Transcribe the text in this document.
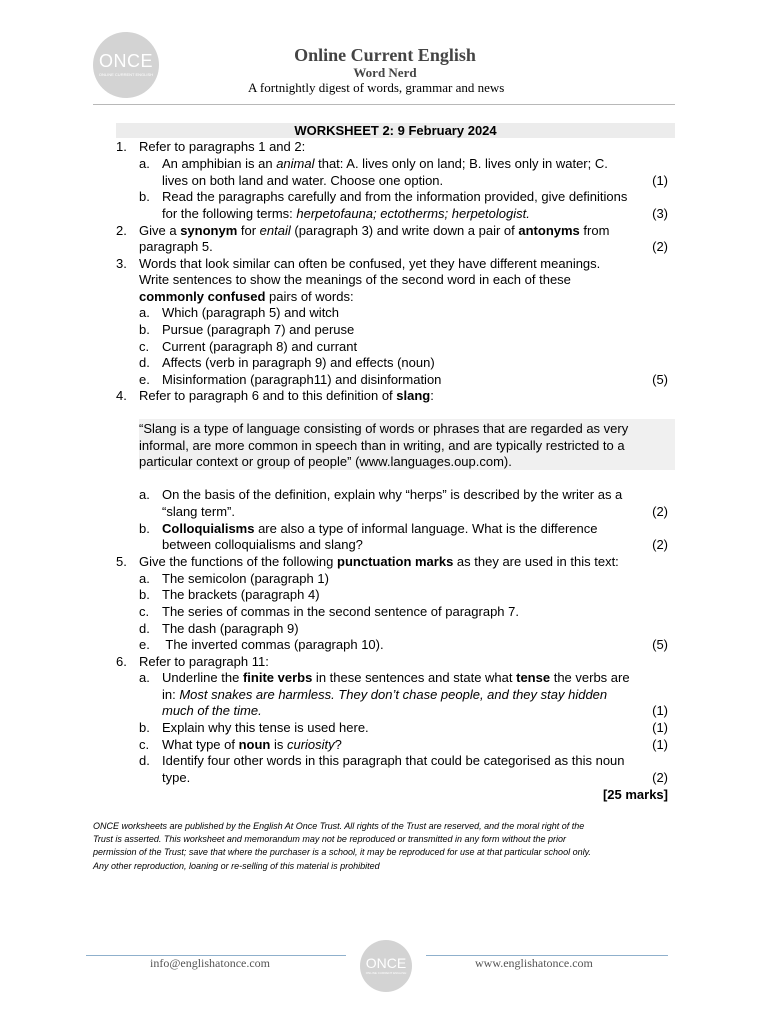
ONCE
ONLINE CURRENT ENGLISH
Online Current English
Word Nerd
A fortnightly digest of words, grammar and news
WORKSHEET 2: 9 February 2024
1. Refer to paragraphs 1 and 2:
a. An amphibian is an animal that: A. lives only on land; B. lives only in water; C.
lives on both land and water. Choose one option.	(1)
b. Read the paragraphs carefully and from the information provided, give definitions
for the following terms: herpetofauna; ectotherms; herpetologist.	(3)
2. Give a synonym for entail (paragraph 3) and write down a pair of antonyms from
paragraph 5.	(2)
3. Words that look similar can often be confused, yet they have different meanings.
Write sentences to show the meanings of the second word in each of these
commonly confused pairs of words:
a. Which (paragraph 5) and witch
b. Pursue (paragraph 7) and peruse
c. Current (paragraph 8) and currant
d. Affects (verb in paragraph 9) and effects (noun)
e. Misinformation (paragraph11) and disinformation	(5)
4. Refer to paragraph 6 and to this definition of slang:
“Slang is a type of language consisting of words or phrases that are regarded as very
informal, are more common in speech than in writing, and are typically restricted to a
particular context or group of people” (www.languages.oup.com).
a. On the basis of the definition, explain why “herps” is described by the writer as a
“slang term”.	(2)
b. Colloquialisms are also a type of informal language. What is the difference
between colloquialisms and slang?	(2)
5. Give the functions of the following punctuation marks as they are used in this text:
a. The semicolon (paragraph 1)
b. The brackets (paragraph 4)
c. The series of commas in the second sentence of paragraph 7.
d. The dash (paragraph 9)
e. The inverted commas (paragraph 10).	(5)
6. Refer to paragraph 11:
a. Underline the finite verbs in these sentences and state what tense the verbs are
in: Most snakes are harmless. They don’t chase people, and they stay hidden
much of the time.	(1)
b. Explain why this tense is used here.	(1)
c. What type of noun is curiosity?	(1)
d. Identify four other words in this paragraph that could be categorised as this noun
type.	(2)
[25 marks]
ONCE worksheets are published by the English At Once Trust. All rights of the Trust are reserved, and the moral right of the
Trust is asserted. This worksheet and memorandum may not be reproduced or transmitted in any form without the prior
permission of the Trust; save that where the purchaser is a school, it may be reproduced for use at that particular school only.
Any other reproduction, loaning or re-selling of this material is prohibited
info@englishatonce.com	ONCE
ONLINE CURRENT ENGLISH
www.englishatonce.com
